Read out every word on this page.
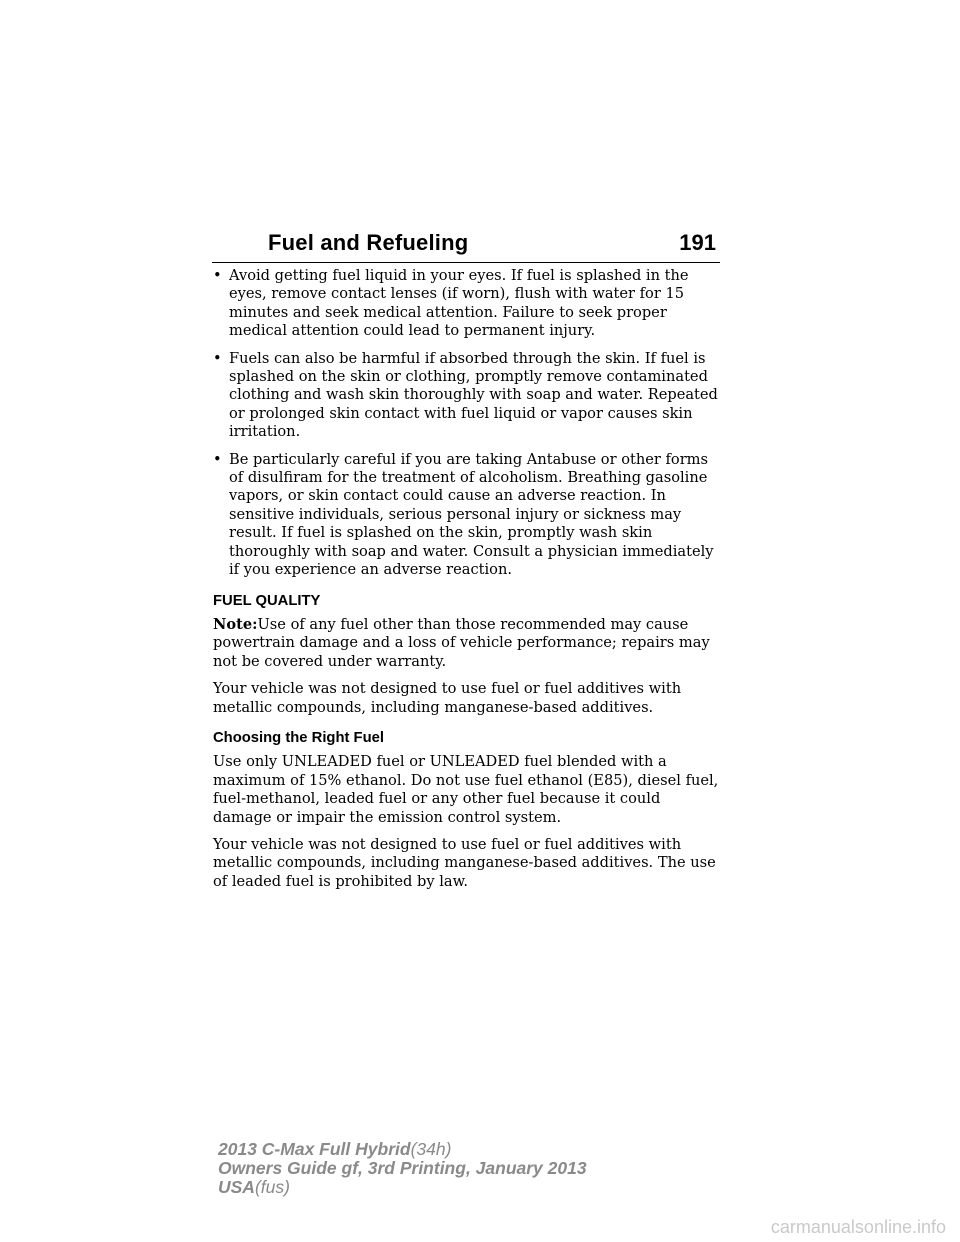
Fuel and Refueling	191
• Avoid getting fuel liquid in your eyes. If fuel is splashed in the eyes, remove contact lenses (if worn), flush with water for 15 minutes and seek medical attention. Failure to seek proper medical attention could lead to permanent injury.
• Fuels can also be harmful if absorbed through the skin. If fuel is splashed on the skin or clothing, promptly remove contaminated clothing and wash skin thoroughly with soap and water. Repeated or prolonged skin contact with fuel liquid or vapor causes skin irritation.
• Be particularly careful if you are taking Antabuse or other forms of disulfiram for the treatment of alcoholism. Breathing gasoline vapors, or skin contact could cause an adverse reaction. In sensitive individuals, serious personal injury or sickness may result. If fuel is splashed on the skin, promptly wash skin thoroughly with soap and water. Consult a physician immediately if you experience an adverse reaction.
FUEL QUALITY

Note:Use of any fuel other than those recommended may cause powertrain damage and a loss of vehicle performance; repairs may not be covered under warranty.

Your vehicle was not designed to use fuel or fuel additives with metallic compounds, including manganese-based additives.

Choosing the Right Fuel

Use only UNLEADED fuel or UNLEADED fuel blended with a maximum of 15% ethanol. Do not use fuel ethanol (E85), diesel fuel, fuel-methanol, leaded fuel or any other fuel because it could damage or impair the emission control system.

Your vehicle was not designed to use fuel or fuel additives with metallic compounds, including manganese-based additives. The use of leaded fuel is prohibited by law.

2013 C-Max Full Hybrid(34h)
Owners Guide gf, 3rd Printing, January 2013
USA(fus)
carmanualsonline.info
